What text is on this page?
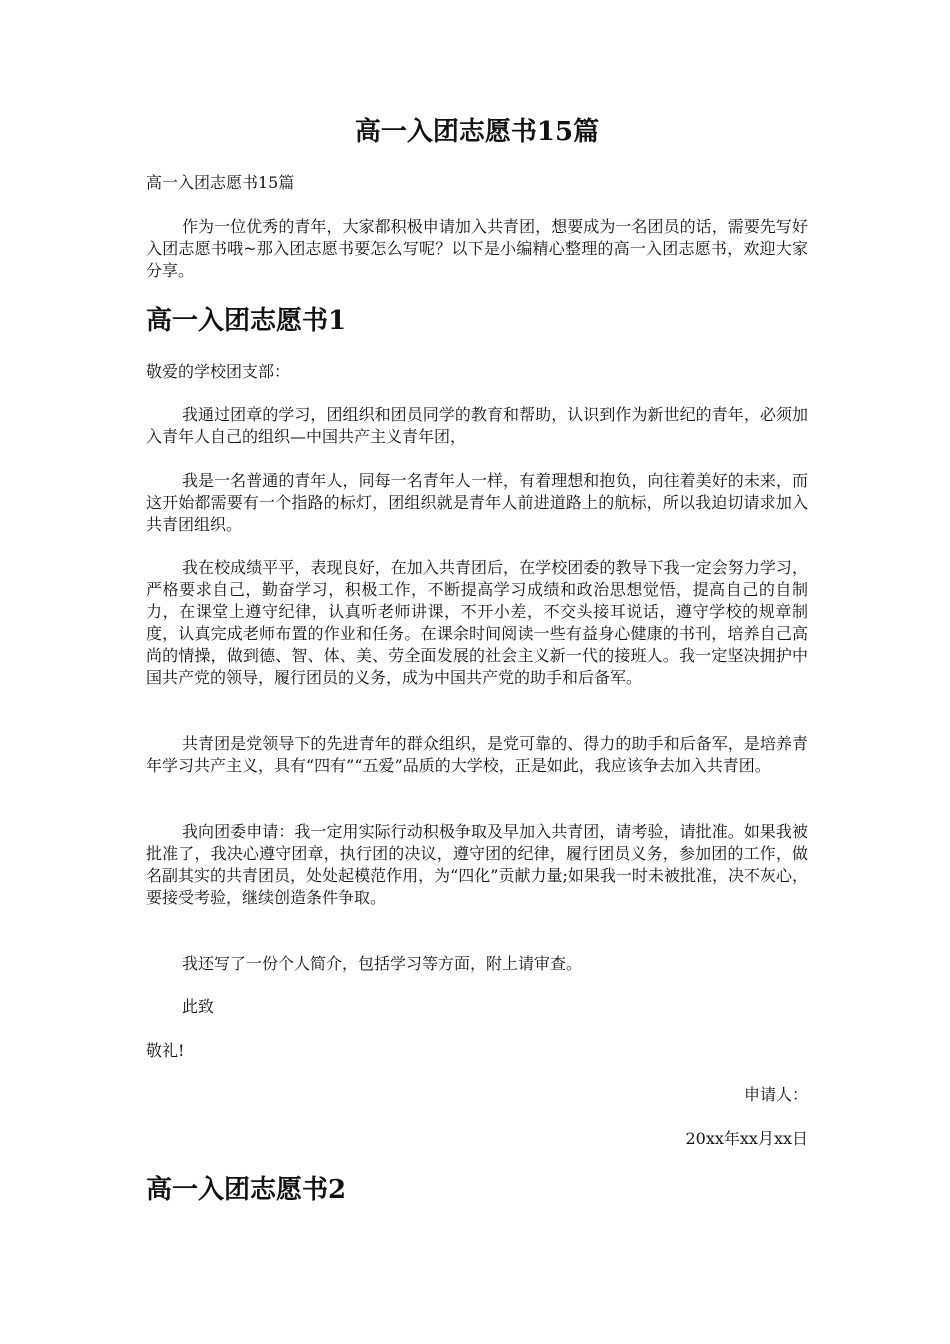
高一入团志愿书15篇

高一入团志愿书15篇

作为一位优秀的青年，大家都积极申请加入共青团，想要成为一名团员的话，需要先写好入团志愿书哦~那入团志愿书要怎么写呢？以下是小编精心整理的高一入团志愿书，欢迎大家分享。

高一入团志愿书1

敬爱的学校团支部：

我通过团章的学习，团组织和团员同学的教育和帮助，认识到作为新世纪的青年，必须加入青年人自己的组织—中国共产主义青年团，

我是一名普通的青年人，同每一名青年人一样，有着理想和抱负，向往着美好的未来，而这开始都需要有一个指路的标灯，团组织就是青年人前进道路上的航标，所以我迫切请求加入共青团组织。

我在校成绩平平，表现良好，在加入共青团后，在学校团委的教导下我一定会努力学习，严格要求自己，勤奋学习，积极工作，不断提高学习成绩和政治思想觉悟，提高自己的自制力，在课堂上遵守纪律，认真听老师讲课，不开小差，不交头接耳说话，遵守学校的规章制度，认真完成老师布置的作业和任务。在课余时间阅读一些有益身心健康的书刊，培养自己高尚的情操，做到德、智、体、美、劳全面发展的社会主义新一代的接班人。我一定坚决拥护中国共产党的领导，履行团员的义务，成为中国共产党的助手和后备军。

共青团是党领导下的先进青年的群众组织，是党可靠的、得力的助手和后备军，是培养青年学习共产主义，具有“四有”“五爱”品质的大学校，正是如此，我应该争去加入共青团。

我向团委申请：我一定用实际行动积极争取及早加入共青团，请考验，请批准。如果我被批准了，我决心遵守团章，执行团的决议，遵守团的纪律，履行团员义务，参加团的工作，做名副其实的共青团员，处处起模范作用，为“四化”贡献力量;如果我一时未被批准，决不灰心，要接受考验，继续创造条件争取。

我还写了一份个人简介，包括学习等方面，附上请审查。

此致

敬礼!

申请人：

20xx年xx月xx日

高一入团志愿书2
